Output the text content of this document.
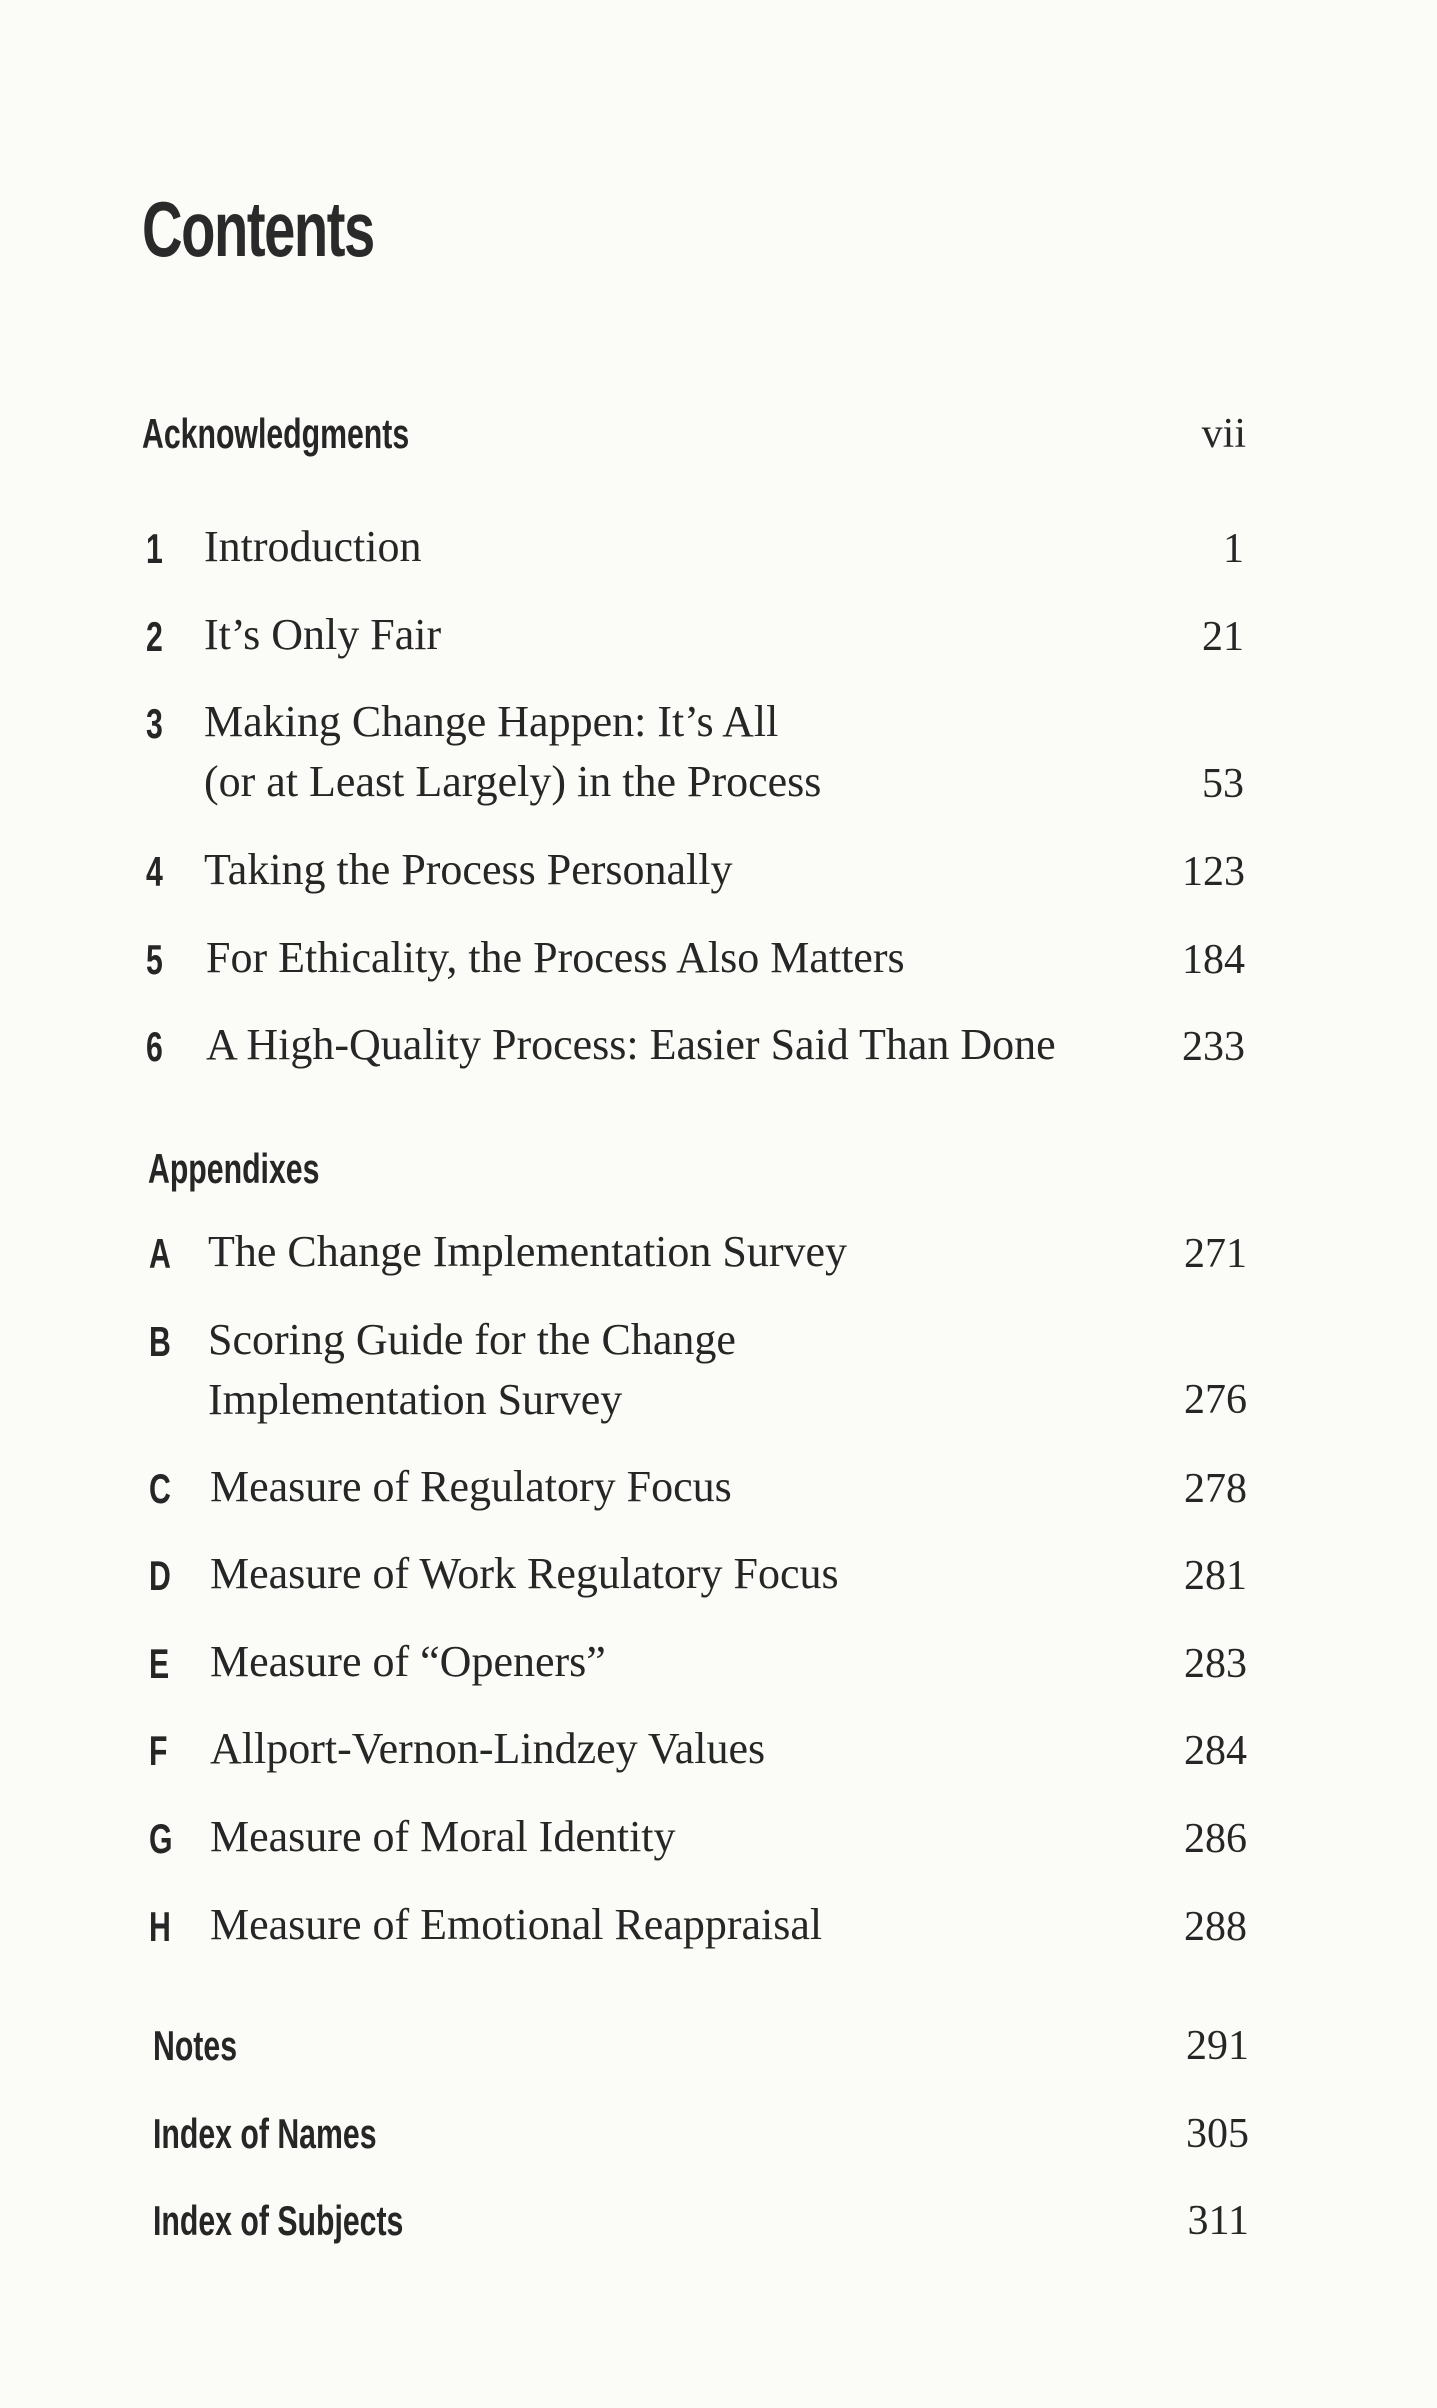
Contents
Acknowledgments	vii
1 Introduction	1
2 It’s Only Fair	21
3 Making Change Happen: It’s All
(or at Least Largely) in the Process	53
4 Taking the Process Personally	123
5 For Ethicality, the Process Also Matters	184
6 A High-Quality Process: Easier Said Than Done	233
Appendixes
A The Change Implementation Survey	271
B Scoring Guide for the Change
Implementation Survey	276
C Measure of Regulatory Focus	278
D Measure of Work Regulatory Focus	281
E Measure of “Openers”	283
F Allport-Vernon-Lindzey Values	284
G Measure of Moral Identity	286
H Measure of Emotional Reappraisal	288
Notes	291
Index of Names	305
Index of Subjects	311
